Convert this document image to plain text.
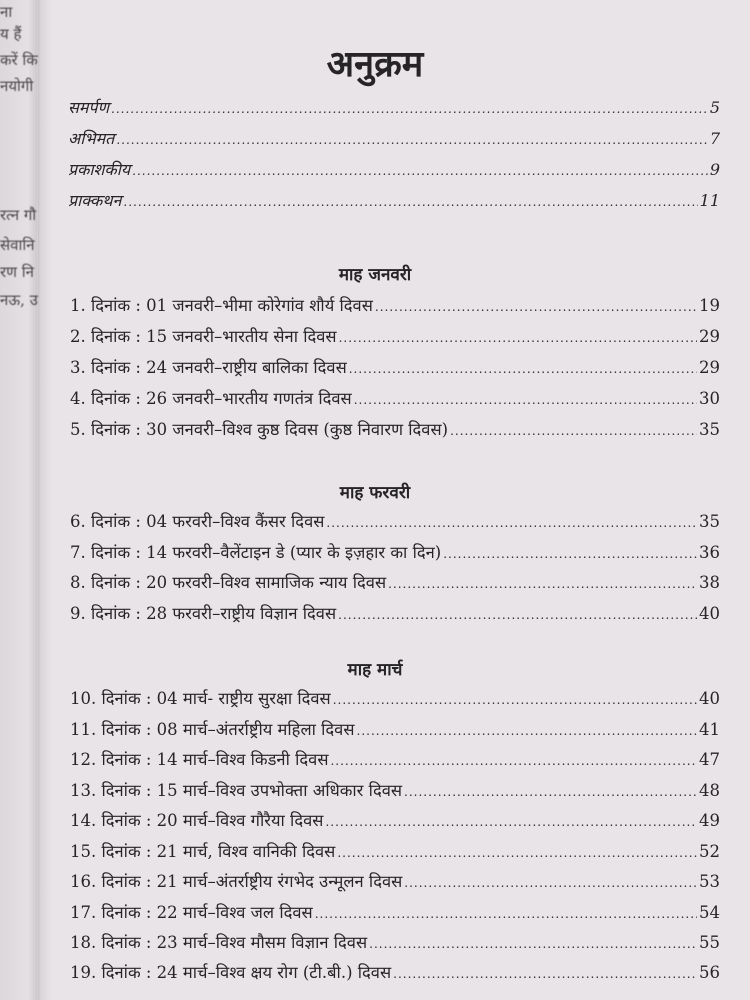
ना
य हैं
करें कि
नयोगी
रत्न गौ
सेवानि
रण नि
नऊ, उ
अनुक्रम
समर्पण .....	5
अभिमत .....	7
प्रकाशकीय .....	9
प्राक्कथन .....	11
माह जनवरी
1. दिनांक : 01 जनवरी–भीमा कोरेगांव शौर्य दिवस .....	19
2. दिनांक : 15 जनवरी–भारतीय सेना दिवस .....	29
3. दिनांक : 24 जनवरी–राष्ट्रीय बालिका दिवस .....	29
4. दिनांक : 26 जनवरी–भारतीय गणतंत्र दिवस .....	30
5. दिनांक : 30 जनवरी–विश्व कुष्ठ दिवस (कुष्ठ निवारण दिवस) .....	35
माह फरवरी
6. दिनांक : 04 फरवरी–विश्व कैंसर दिवस .....	35
7. दिनांक : 14 फरवरी–वैलेंटाइन डे (प्यार के इज़हार का दिन) .....	36
8. दिनांक : 20 फरवरी–विश्व सामाजिक न्याय दिवस .....	38
9. दिनांक : 28 फरवरी–राष्ट्रीय विज्ञान दिवस .....	40
माह मार्च
10. दिनांक : 04 मार्च- राष्ट्रीय सुरक्षा दिवस .....	40
11. दिनांक : 08 मार्च–अंतर्राष्ट्रीय महिला दिवस .....	41
12. दिनांक : 14 मार्च–विश्व किडनी दिवस .....	47
13. दिनांक : 15 मार्च–विश्व उपभोक्ता अधिकार दिवस .....	48
14. दिनांक : 20 मार्च–विश्व गौरैया दिवस .....	49
15. दिनांक : 21 मार्च, विश्व वानिकी दिवस .....	52
16. दिनांक : 21 मार्च–अंतर्राष्ट्रीय रंगभेद उन्मूलन दिवस .....	53
17. दिनांक : 22 मार्च–विश्व जल दिवस .....	54
18. दिनांक : 23 मार्च–विश्व मौसम विज्ञान दिवस .....	55
19. दिनांक : 24 मार्च–विश्व क्षय रोग (टी.बी.) दिवस .....	56
